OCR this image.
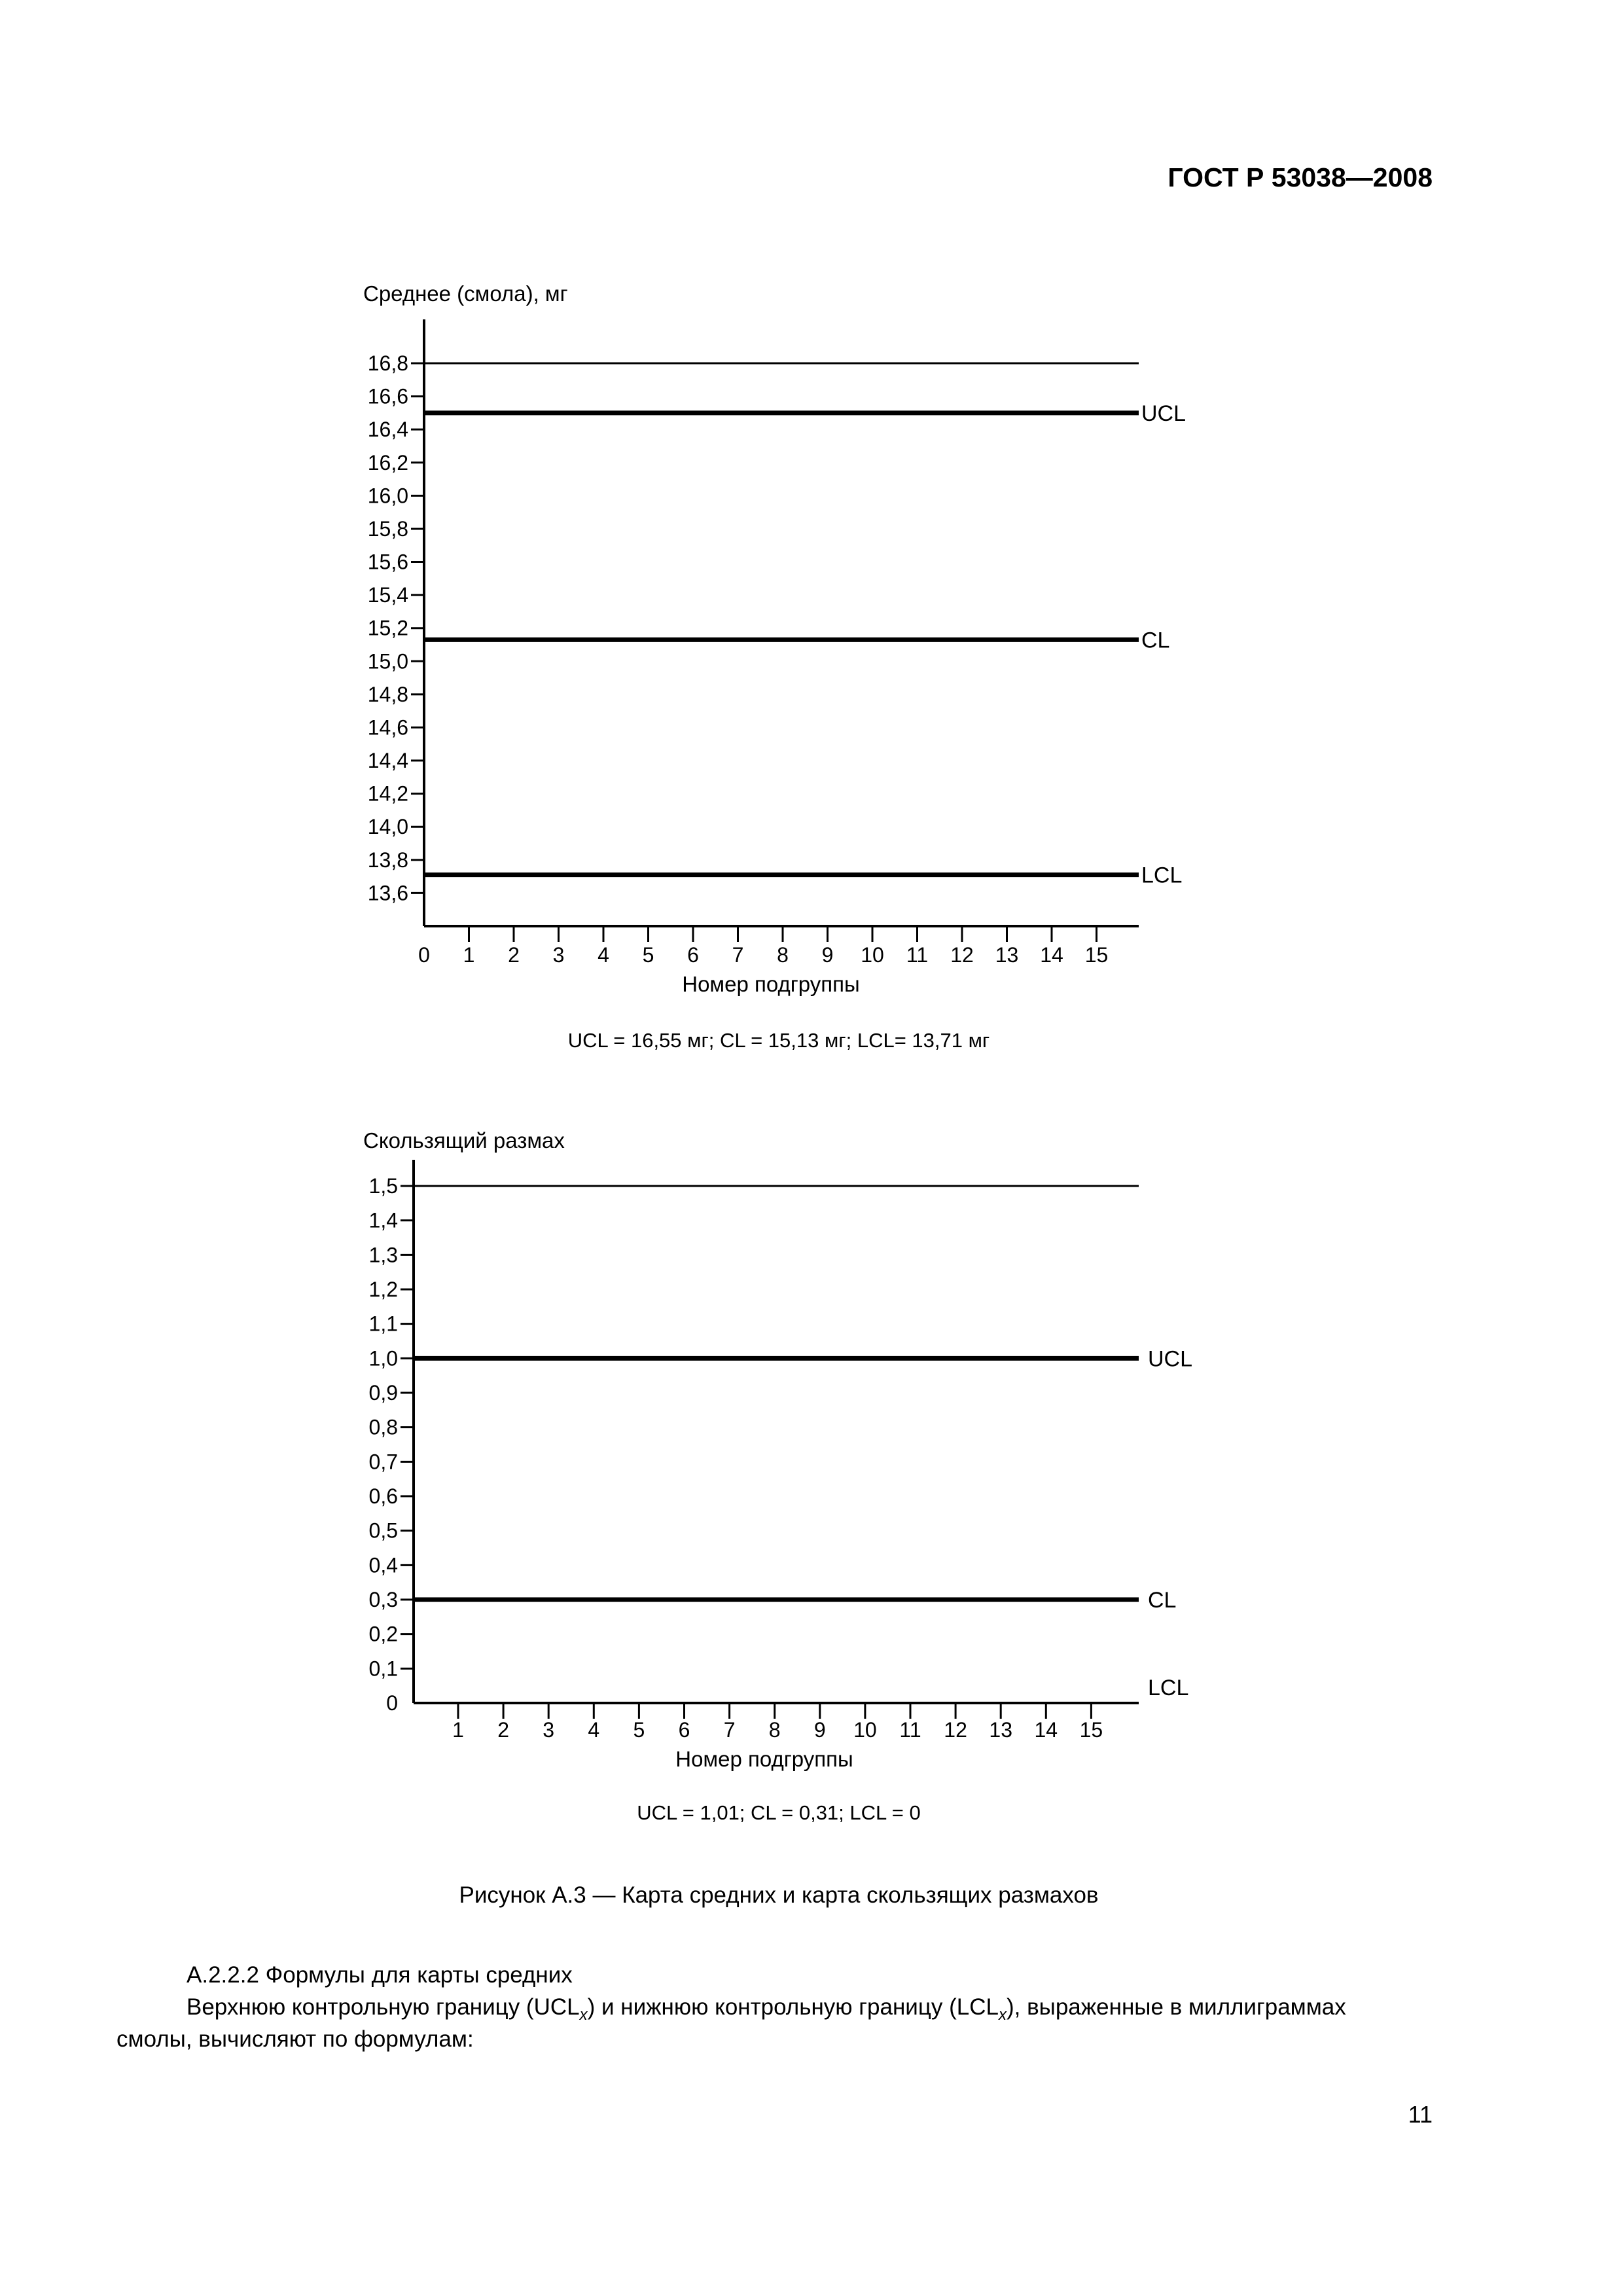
ГОСТ Р 53038—2008
Среднее (смола), мг
16,8
16,6
16,4
16,2
16,0
15,8
15,6
15,4
15,2
15,0
14,8
14,6
14,4
14,2
14,0
13,8
13,6
0 1 2 3 4 5 6 7 8 9 10 11 12 13 14 15
Номер подгруппы
UCL
CL
LCL
UCL = 16,55 мг; CL = 15,13 мг; LCL= 13,71 мг
Скользящий размах
1,5
1,4
1,3
1,2
1,1
1,0
0,9
0,8
0,7
0,6
0,5
0,4
0,3
0,2
0,1
0
1 2 3 4 5 6 7 8 9 10 11 12 13 14 15
Номер подгруппы
UCL
CL
LCL
UCL = 1,01; CL = 0,31; LCL = 0
Рисунок А.3 — Карта средних и карта скользящих размахов
А.2.2.2 Формулы для карты средних
Верхнюю контрольную границу $(UCL_x)$ и нижнюю контрольную границу $(LCL_x)$, выраженные в миллиграммах
смолы, вычисляют по формулам:
11
